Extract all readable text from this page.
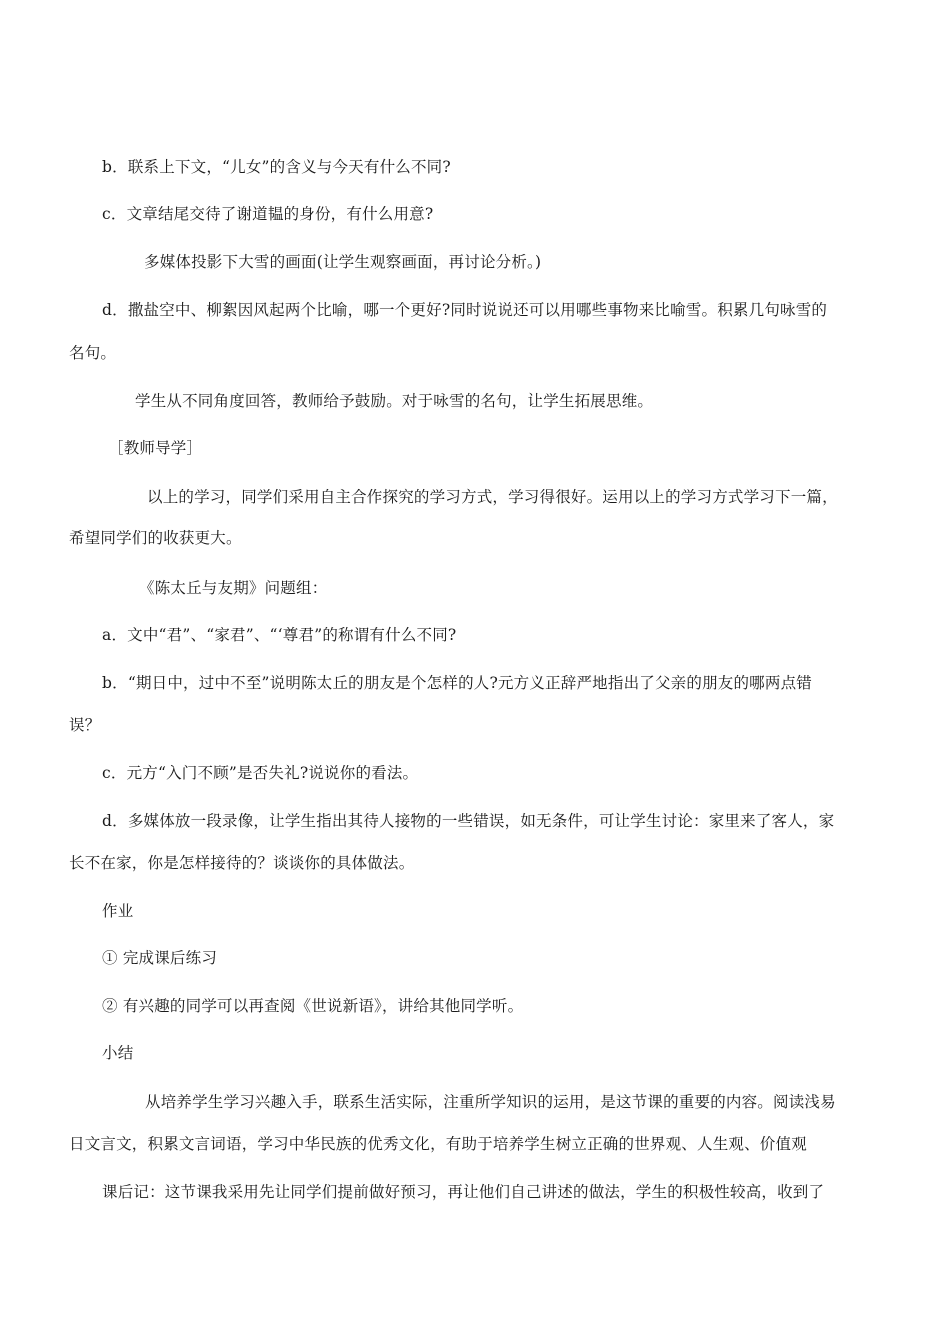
b．联系上下文，“儿女”的含义与今天有什么不同?
c．文章结尾交待了谢道韫的身份，有什么用意?
多媒体投影下大雪的画面(让学生观察画面，再讨论分析。)
d．撒盐空中、柳絮因风起两个比喻，哪一个更好?同时说说还可以用哪些事物来比喻雪。积累几句咏雪的
名句。
学生从不同角度回答，教师给予鼓励。对于咏雪的名句，让学生拓展思维。
［教师导学］
以上的学习，同学们采用自主合作探究的学习方式，学习得很好。运用以上的学习方式学习下一篇，
希望同学们的收获更大。
《陈太丘与友期》问题组：
a．文中“君”、“家君”、“‘尊君”的称谓有什么不同?
b．“期日中，过中不至”说明陈太丘的朋友是个怎样的人?元方义正辞严地指出了父亲的朋友的哪两点错
误？
c．元方“入门不顾”是否失礼?说说你的看法。
d．多媒体放一段录像，让学生指出其待人接物的一些错误，如无条件，可让学生讨论：家里来了客人，家
长不在家，你是怎样接待的？谈谈你的具体做法。
作业
① 完成课后练习
② 有兴趣的同学可以再查阅《世说新语》，讲给其他同学听。
小结
从培养学生学习兴趣入手，联系生活实际，注重所学知识的运用，是这节课的重要的内容。阅读浅易
日文言文，积累文言词语，学习中华民族的优秀文化，有助于培养学生树立正确的世界观、人生观、价值观
课后记：这节课我采用先让同学们提前做好预习，再让他们自己讲述的做法，学生的积极性较高，收到了
